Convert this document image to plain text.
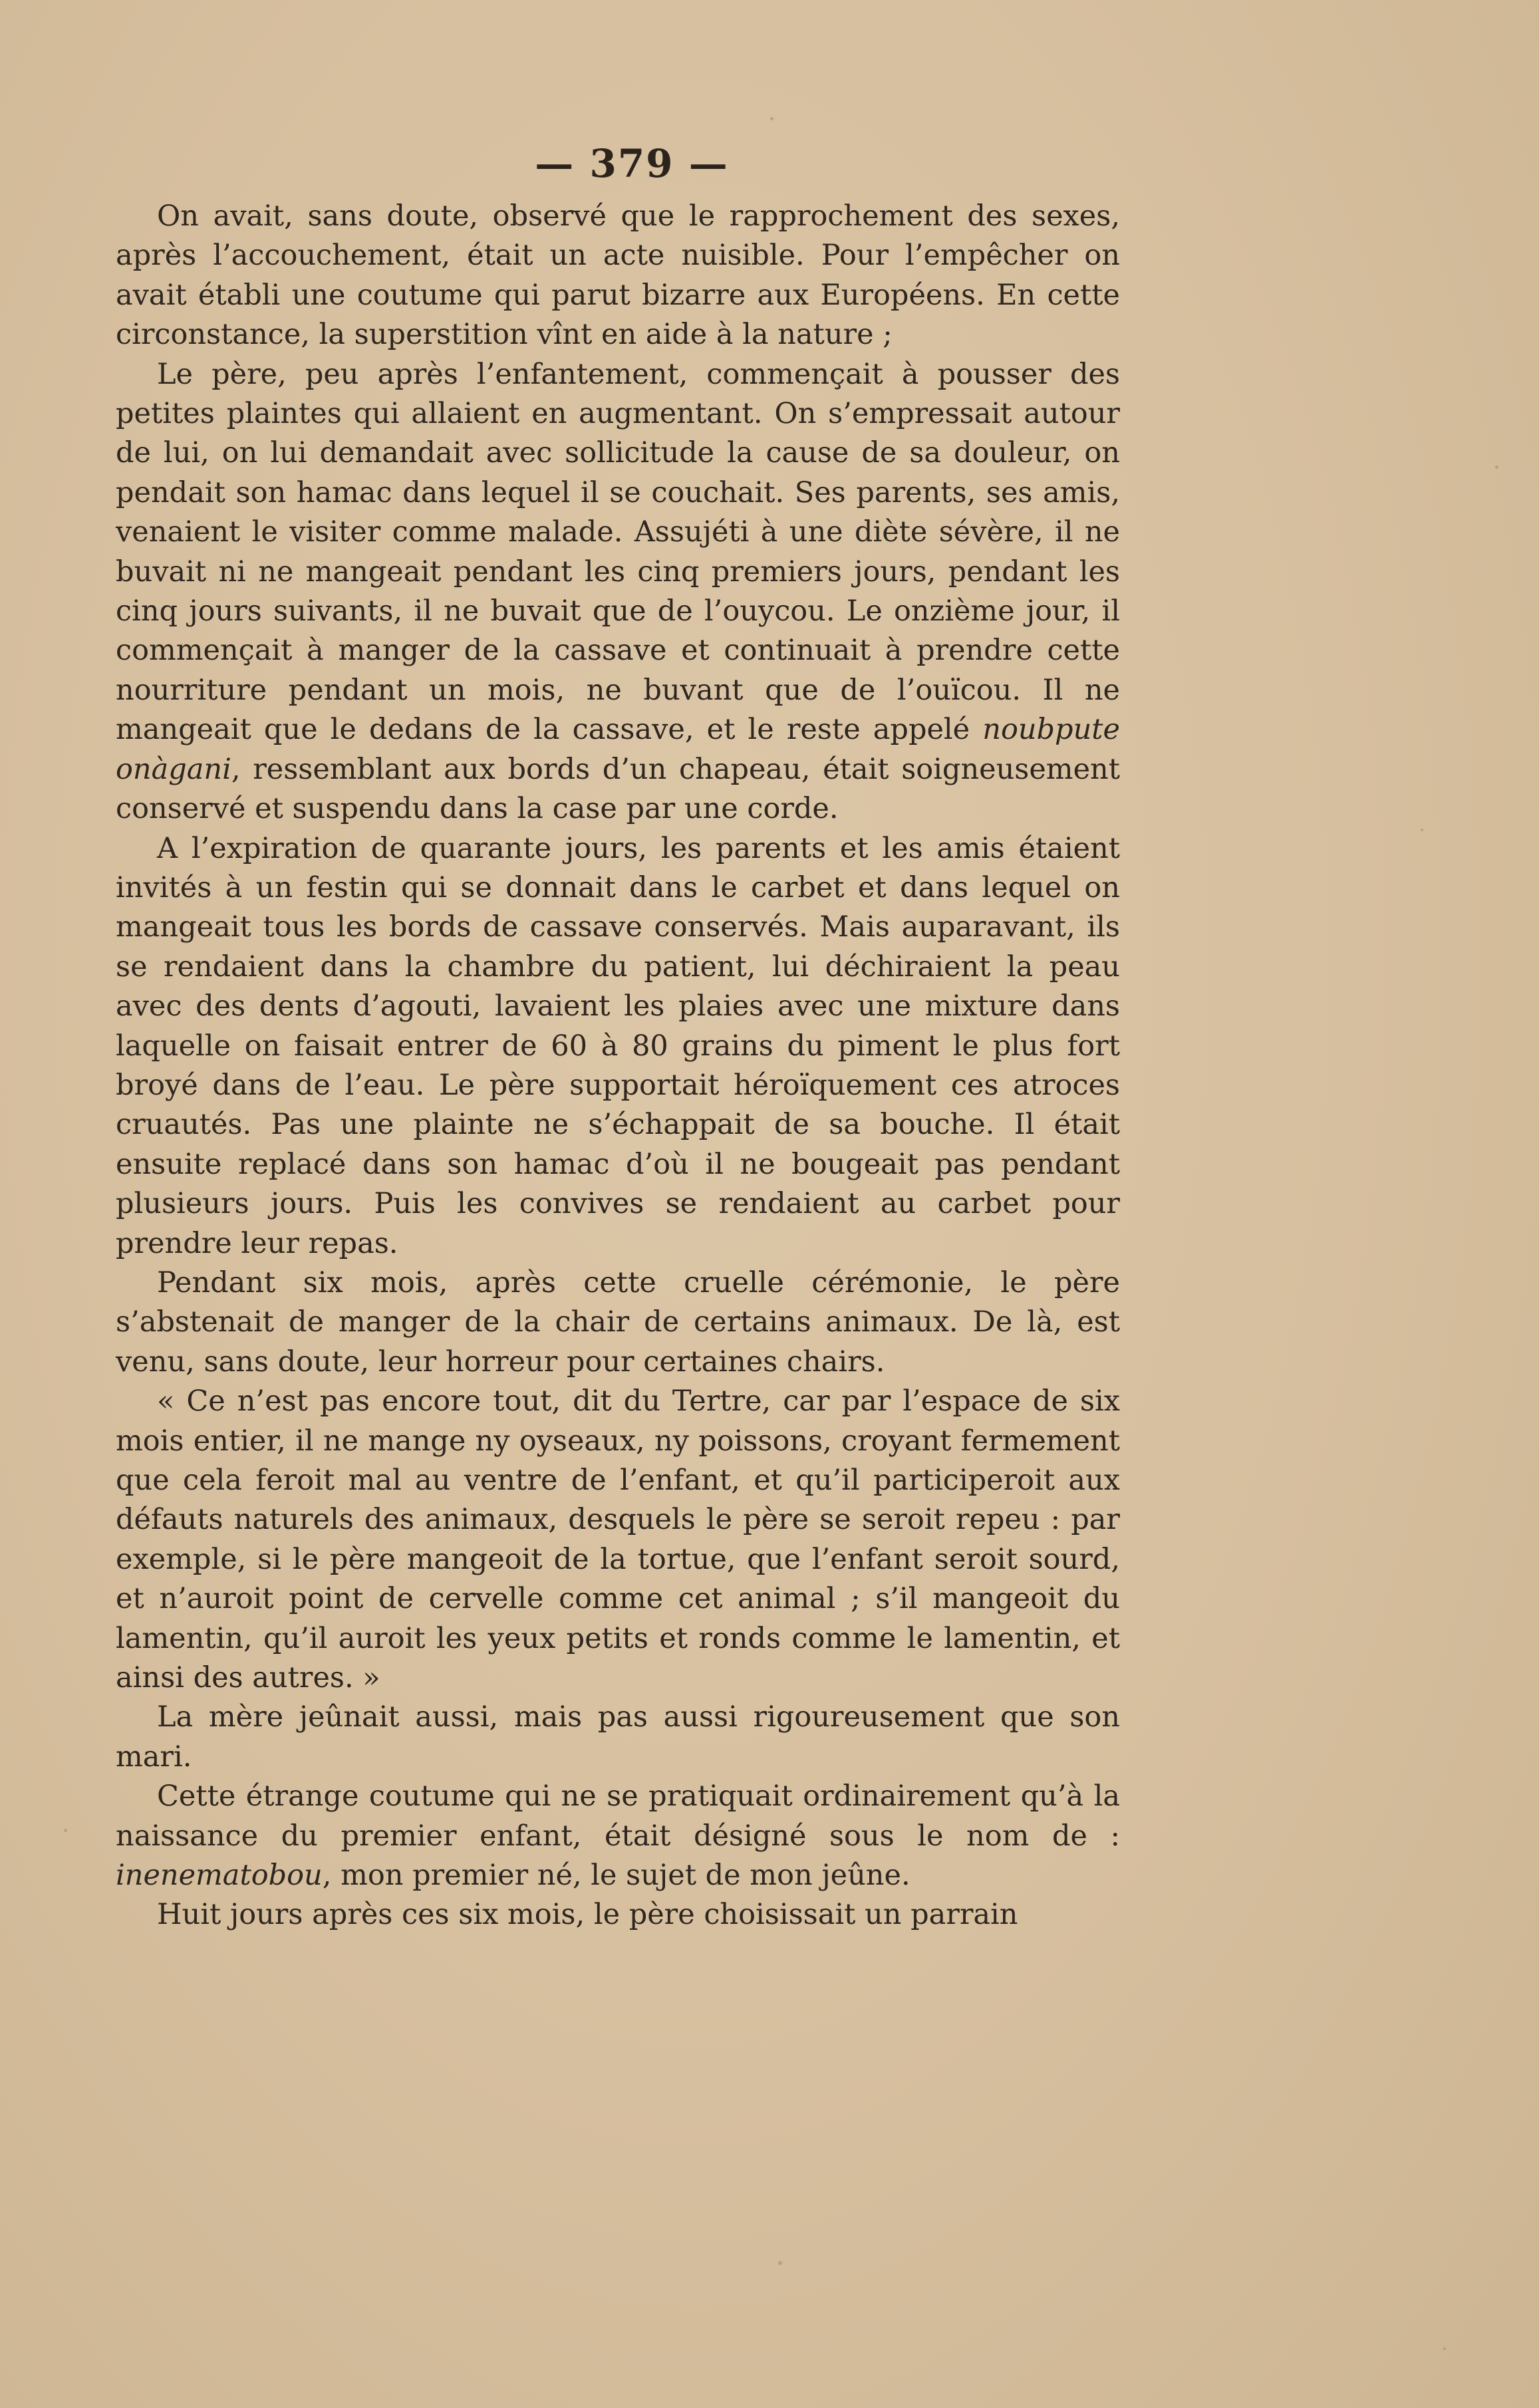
— 379 —

On avait, sans doute, observé que le rapprochement des sexes, après l’accouchement, était un acte nuisible. Pour l’empêcher on avait établi une coutume qui parut bizarre aux Européens. En cette circonstance, la superstition vînt en aide à la nature ;

Le père, peu après l’enfantement, commençait à pousser des petites plaintes qui allaient en augmentant. On s’empressait autour de lui, on lui demandait avec sollicitude la cause de sa douleur, on pendait son hamac dans lequel il se couchait. Ses parents, ses amis, venaient le visiter comme malade. Assujéti à une diète sévère, il ne buvait ni ne mangeait pendant les cinq premiers jours, pendant les cinq jours suivants, il ne buvait que de l’ouycou. Le onzième jour, il commençait à manger de la cassave et continuait à prendre cette nourriture pendant un mois, ne buvant que de l’ouïcou. Il ne mangeait que le dedans de la cassave, et le reste appelé noubpute onàgani, ressemblant aux bords d’un chapeau, était soigneusement conservé et suspendu dans la case par une corde.

A l’expiration de quarante jours, les parents et les amis étaient invités à un festin qui se donnait dans le carbet et dans lequel on mangeait tous les bords de cassave conservés. Mais auparavant, ils se rendaient dans la chambre du patient, lui déchiraient la peau avec des dents d’agouti, lavaient les plaies avec une mixture dans laquelle on faisait entrer de 60 à 80 grains du piment le plus fort broyé dans de l’eau. Le père supportait héroïquement ces atroces cruautés. Pas une plainte ne s’échappait de sa bouche. Il était ensuite replacé dans son hamac d’où il ne bougeait pas pendant plusieurs jours. Puis les convives se rendaient au carbet pour prendre leur repas.

Pendant six mois, après cette cruelle cérémonie, le père s’abstenait de manger de la chair de certains animaux. De là, est venu, sans doute, leur horreur pour certaines chairs.

« Ce n’est pas encore tout, dit du Tertre, car par l’espace de six mois entier, il ne mange ny oyseaux, ny poissons, croyant fermement que cela feroit mal au ventre de l’enfant, et qu’il participeroit aux défauts naturels des animaux, desquels le père se seroit repeu : par exemple, si le père mangeoit de la tortue, que l’enfant seroit sourd, et n’auroit point de cervelle comme cet animal ; s’il mangeoit du lamentin, qu’il auroit les yeux petits et ronds comme le lamentin, et ainsi des autres. »

La mère jeûnait aussi, mais pas aussi rigoureusement que son mari.

Cette étrange coutume qui ne se pratiquait ordinairement qu’à la naissance du premier enfant, était désigné sous le nom de : inenematobou, mon premier né, le sujet de mon jeûne.

Huit jours après ces six mois, le père choisissait un parrain
